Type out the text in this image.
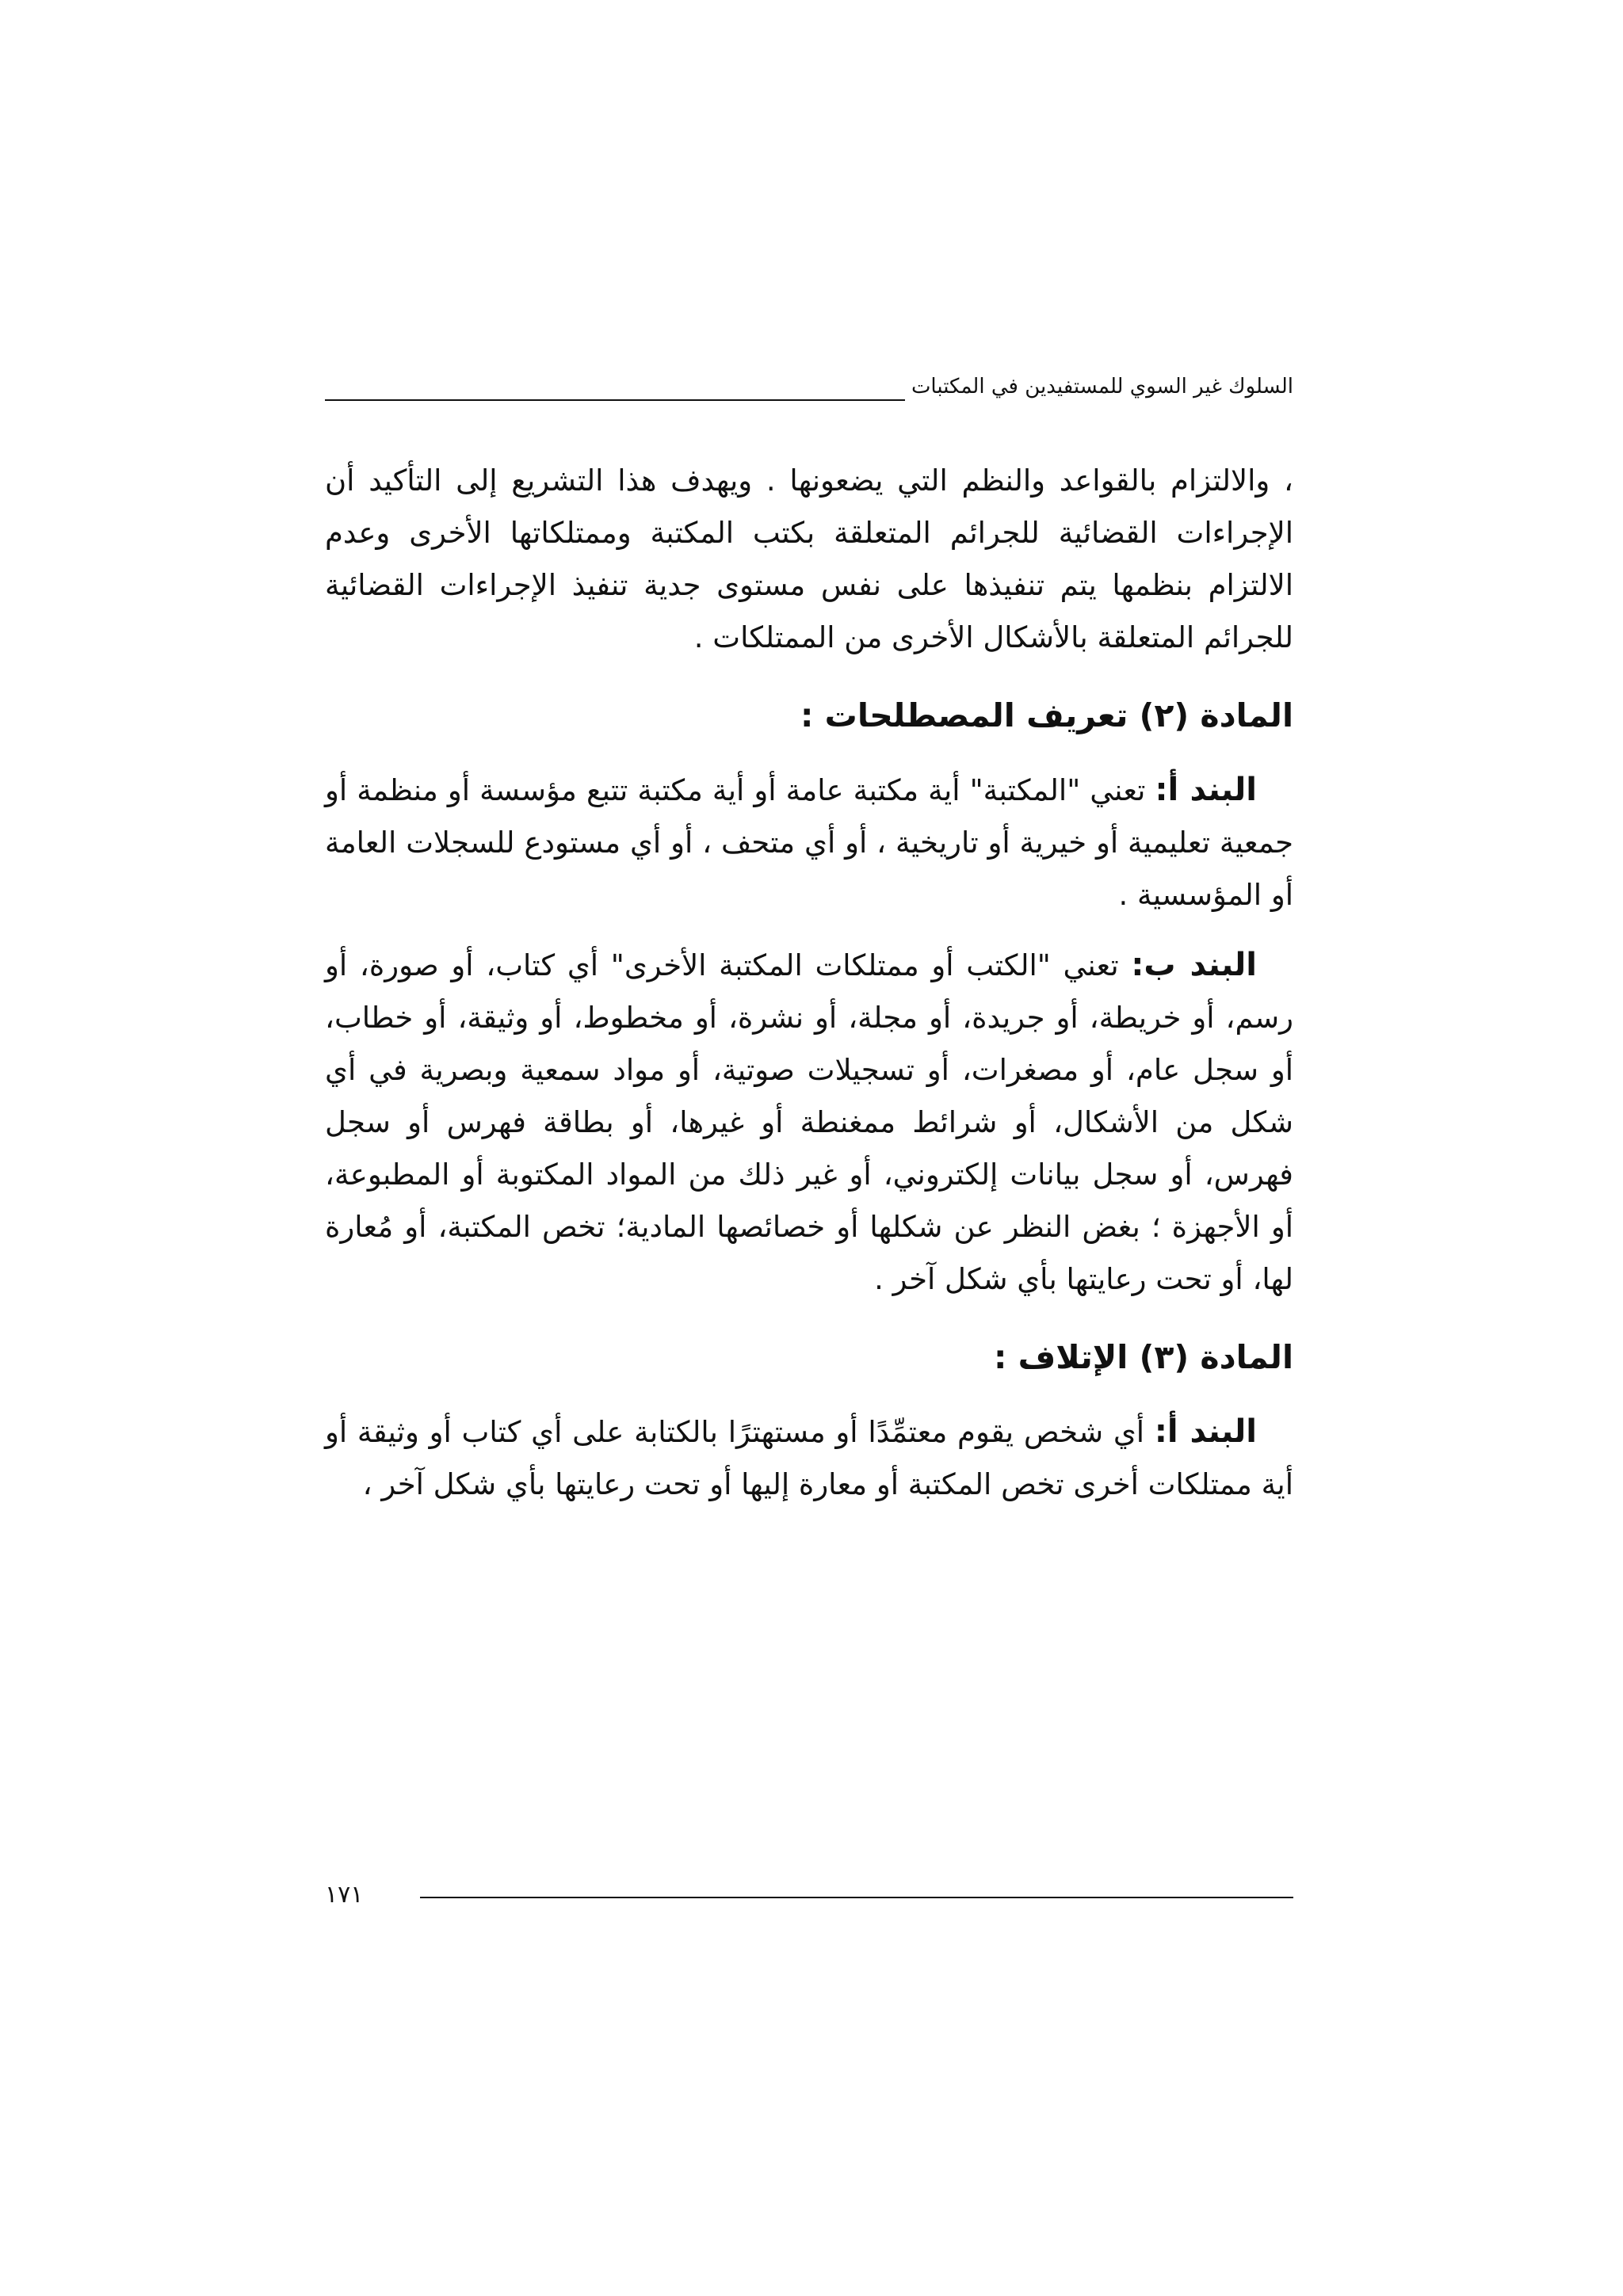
السلوك غير السوي للمستفيدين في المكتبات

، والالتزام بالقواعد والنظم التي يضعونها . ويهدف هذا التشريع إلى التأكيد أن الإجراءات القضائية للجرائم المتعلقة بكتب المكتبة وممتلكاتها الأخرى وعدم الالتزام بنظمها يتم تنفيذها على نفس مستوى جدية تنفيذ الإجراءات القضائية للجرائم المتعلقة بالأشكال الأخرى من الممتلكات .

المادة (٢) تعريف المصطلحات :

البند أ: تعني "المكتبة" أية مكتبة عامة أو أية مكتبة تتبع مؤسسة أو منظمة أو جمعية تعليمية أو خيرية أو تاريخية ، أو أي متحف ، أو أي مستودع للسجلات العامة أو المؤسسية .

البند ب: تعني "الكتب أو ممتلكات المكتبة الأخرى" أي كتاب، أو صورة، أو رسم، أو خريطة، أو جريدة، أو مجلة، أو نشرة، أو مخطوط، أو وثيقة، أو خطاب، أو سجل عام، أو مصغرات، أو تسجيلات صوتية، أو مواد سمعية وبصرية في أي شكل من الأشكال، أو شرائط ممغنطة أو غيرها، أو بطاقة فهرس أو سجل فهرس، أو سجل بيانات إلكتروني، أو غير ذلك من المواد المكتوبة أو المطبوعة، أو الأجهزة ؛ بغض النظر عن شكلها أو خصائصها المادية؛ تخص المكتبة، أو مُعارة لها، أو تحت رعايتها بأي شكل آخر .

المادة (٣) الإتلاف :

البند أ: أي شخص يقوم معتمِّدًا أو مستهترًا بالكتابة على أي كتاب أو وثيقة أو أية ممتلكات أخرى تخص المكتبة أو معارة إليها أو تحت رعايتها بأي شكل آخر ،

١٧١
